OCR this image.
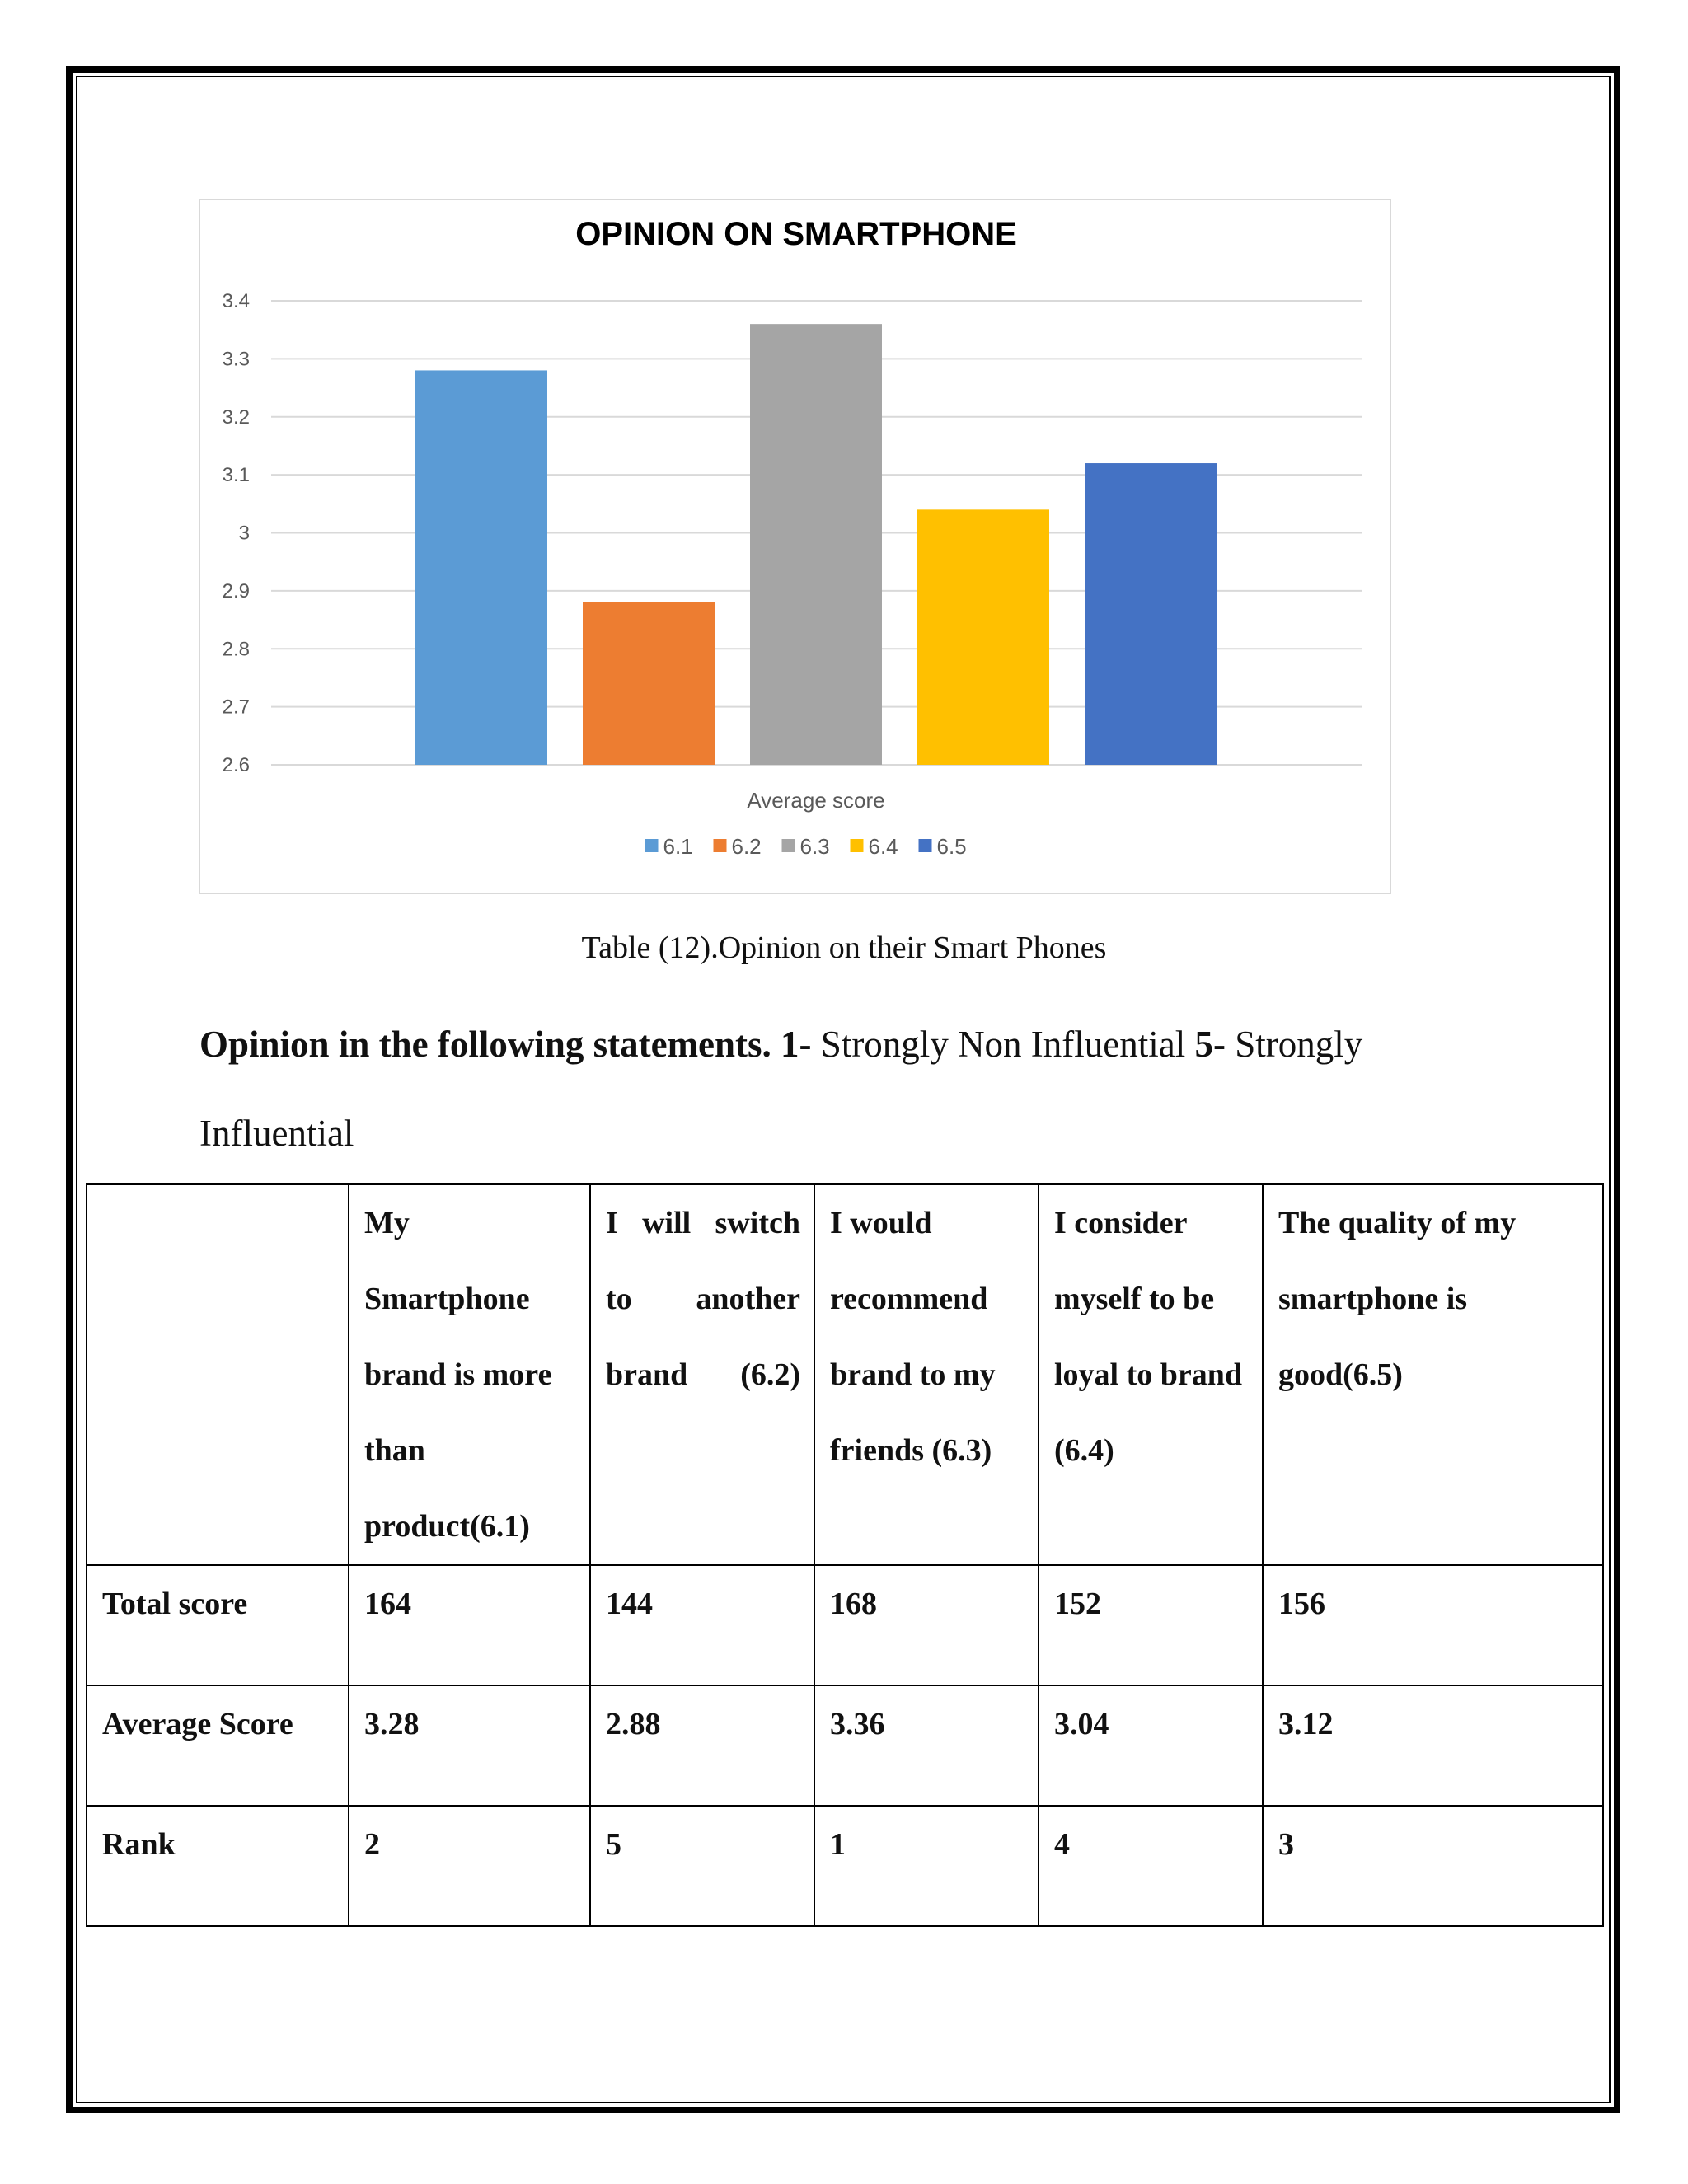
OPINION ON SMARTPHONE
3.4
3.3
3.2
3.1
3
2.9
2.8
2.7
2.6
Average score
6.1 6.2 6.3 6.4 6.5
Table (12).Opinion on their Smart Phones
Opinion in the following statements. 1- Strongly Non Influential 5- Strongly Influential
	My Smartphone brand is more than product(6.1)	I will switch to another brand (6.2)	I would recommend brand to my friends (6.3)	I consider myself to be loyal to brand (6.4)	The quality of my smartphone is good(6.5)
Total score	164	144	168	152	156
Average Score	3.28	2.88	3.36	3.04	3.12
Rank	2	5	1	4	3
